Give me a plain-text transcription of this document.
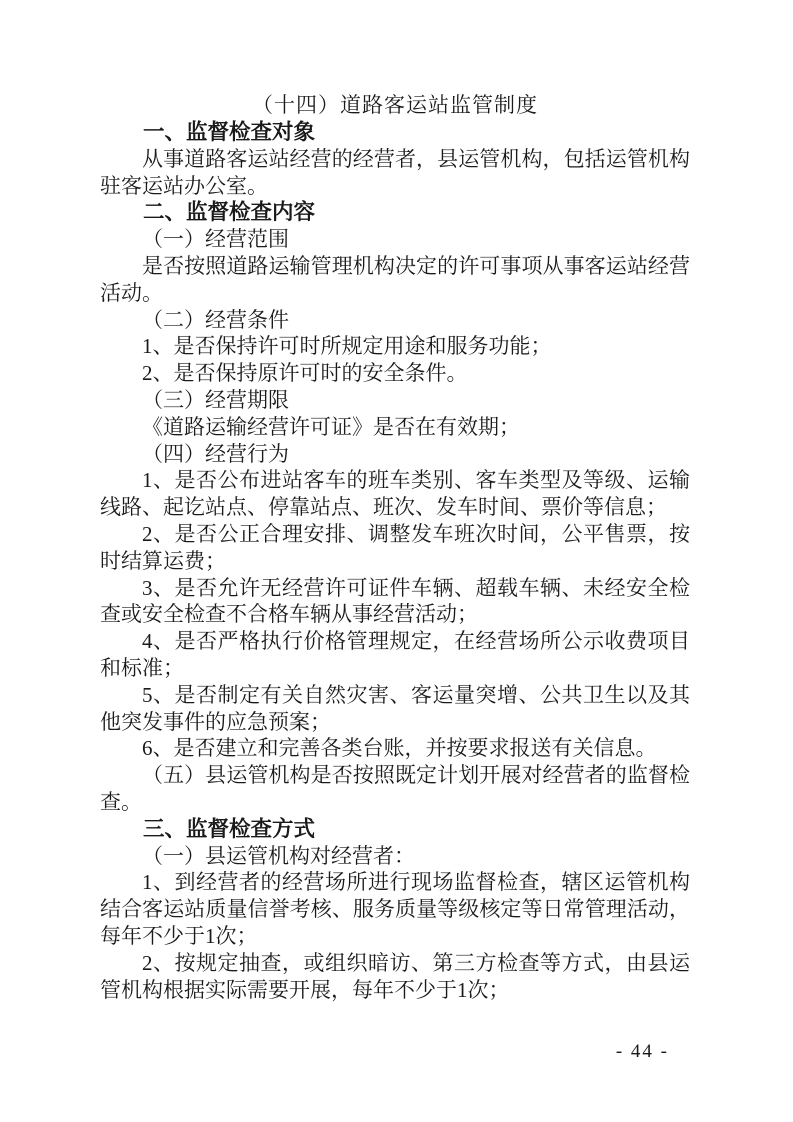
（十四）道路客运站监管制度
一、监督检查对象
从事道路客运站经营的经营者，县运管机构，包括运管机构驻客运站办公室。
二、监督检查内容
（一）经营范围
是否按照道路运输管理机构决定的许可事项从事客运站经营活动。
（二）经营条件
1、是否保持许可时所规定用途和服务功能；
2、是否保持原许可时的安全条件。
（三）经营期限
《道路运输经营许可证》是否在有效期；
（四）经营行为
1、是否公布进站客车的班车类别、客车类型及等级、运输线路、起讫站点、停靠站点、班次、发车时间、票价等信息；
2、是否公正合理安排、调整发车班次时间，公平售票，按时结算运费；
3、是否允许无经营许可证件车辆、超载车辆、未经安全检查或安全检查不合格车辆从事经营活动；
4、是否严格执行价格管理规定，在经营场所公示收费项目和标准；
5、是否制定有关自然灾害、客运量突增、公共卫生以及其他突发事件的应急预案；
6、是否建立和完善各类台账，并按要求报送有关信息。
（五）县运管机构是否按照既定计划开展对经营者的监督检查。
三、监督检查方式
（一）县运管机构对经营者：
1、到经营者的经营场所进行现场监督检查，辖区运管机构结合客运站质量信誉考核、服务质量等级核定等日常管理活动，每年不少于1次；
2、按规定抽查，或组织暗访、第三方检查等方式，由县运管机构根据实际需要开展，每年不少于1次；
- 44 -
